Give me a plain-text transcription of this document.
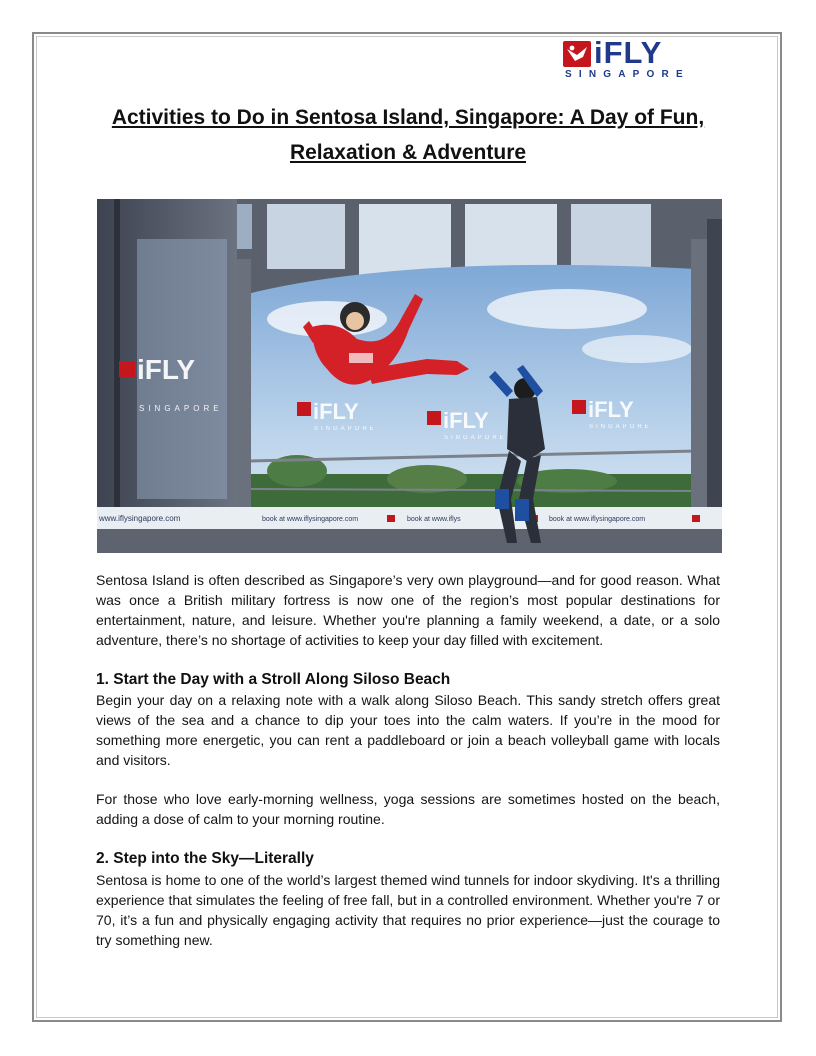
iFLY
SINGAPORE
Activities to Do in Sentosa Island, Singapore: A Day of Fun, Relaxation & Adventure
www.iflysingapore.com	book at www.iflysingapore.com	book at www.iflys	book at www.iflysingapore.com
iFLY
SINGAPORE	iFLY
SINGAPORE	iFLY
SINGAPORE
iFLY
SINGAPORE

Sentosa Island is often described as Singapore’s very own playground—and for good reason. What was once a British military fortress is now one of the region’s most popular destinations for entertainment, nature, and leisure. Whether you're planning a family weekend, a date, or a solo adventure, there’s no shortage of activities to keep your day filled with excitement.

1. Start the Day with a Stroll Along Siloso Beach

Begin your day on a relaxing note with a walk along Siloso Beach. This sandy stretch offers great views of the sea and a chance to dip your toes into the calm waters. If you’re in the mood for something more energetic, you can rent a paddleboard or join a beach volleyball game with locals and visitors.

For those who love early-morning wellness, yoga sessions are sometimes hosted on the beach, adding a dose of calm to your morning routine.

2. Step into the Sky—Literally

Sentosa is home to one of the world’s largest themed wind tunnels for indoor skydiving. It's a thrilling experience that simulates the feeling of free fall, but in a controlled environment. Whether you're 7 or 70, it’s a fun and physically engaging activity that requires no prior experience—just the courage to try something new.
